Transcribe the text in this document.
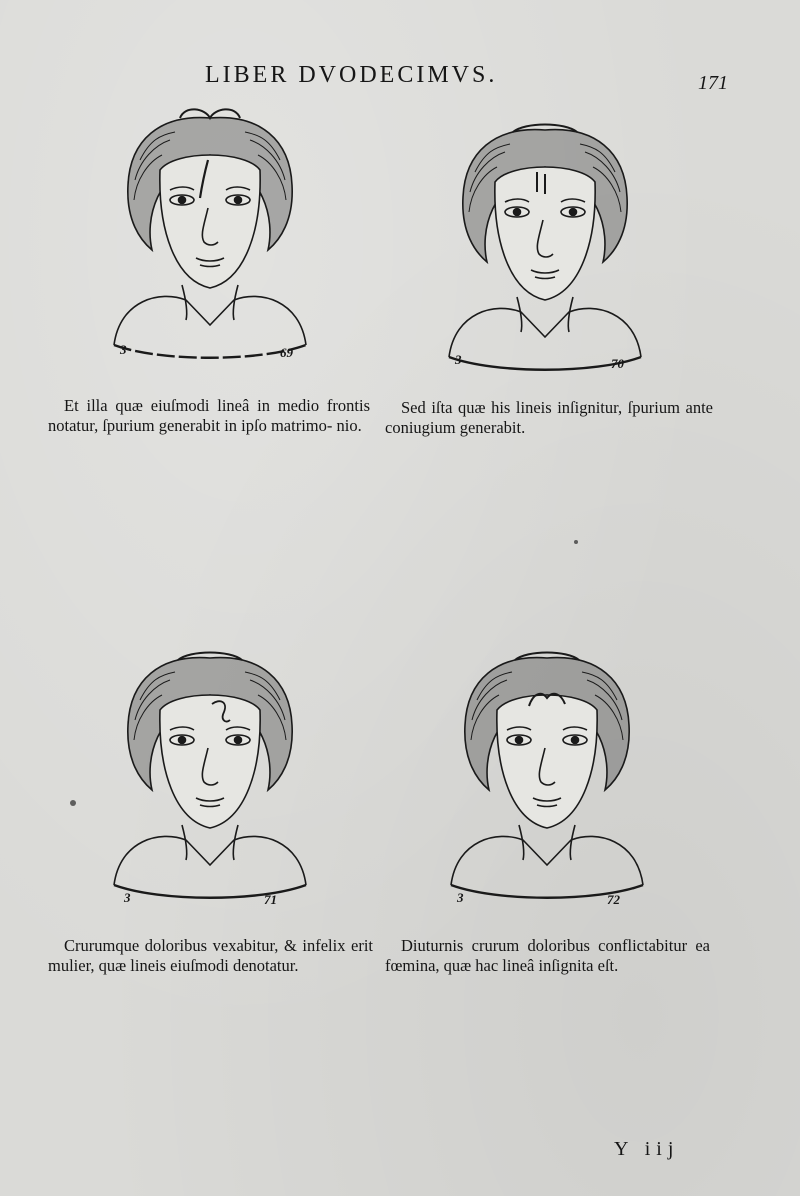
LIBER DVODECIMVS.	171
3	69	3	70
3	71	3	72

Et illa quæ eiuſmodi lineâ in medio frontis notatur, ſpurium generabit in ipſo matrimo- nio.

Sed iſta quæ his lineis inſignitur, ſpurium ante coniugium generabit.

Crurumque doloribus vexabitur, & infelix erit mulier, quæ lineis eiuſmodi denotatur.

Diuturnis crurum doloribus conflictabitur ea fœmina, quæ hac lineâ inſignita eſt.

Y iij
